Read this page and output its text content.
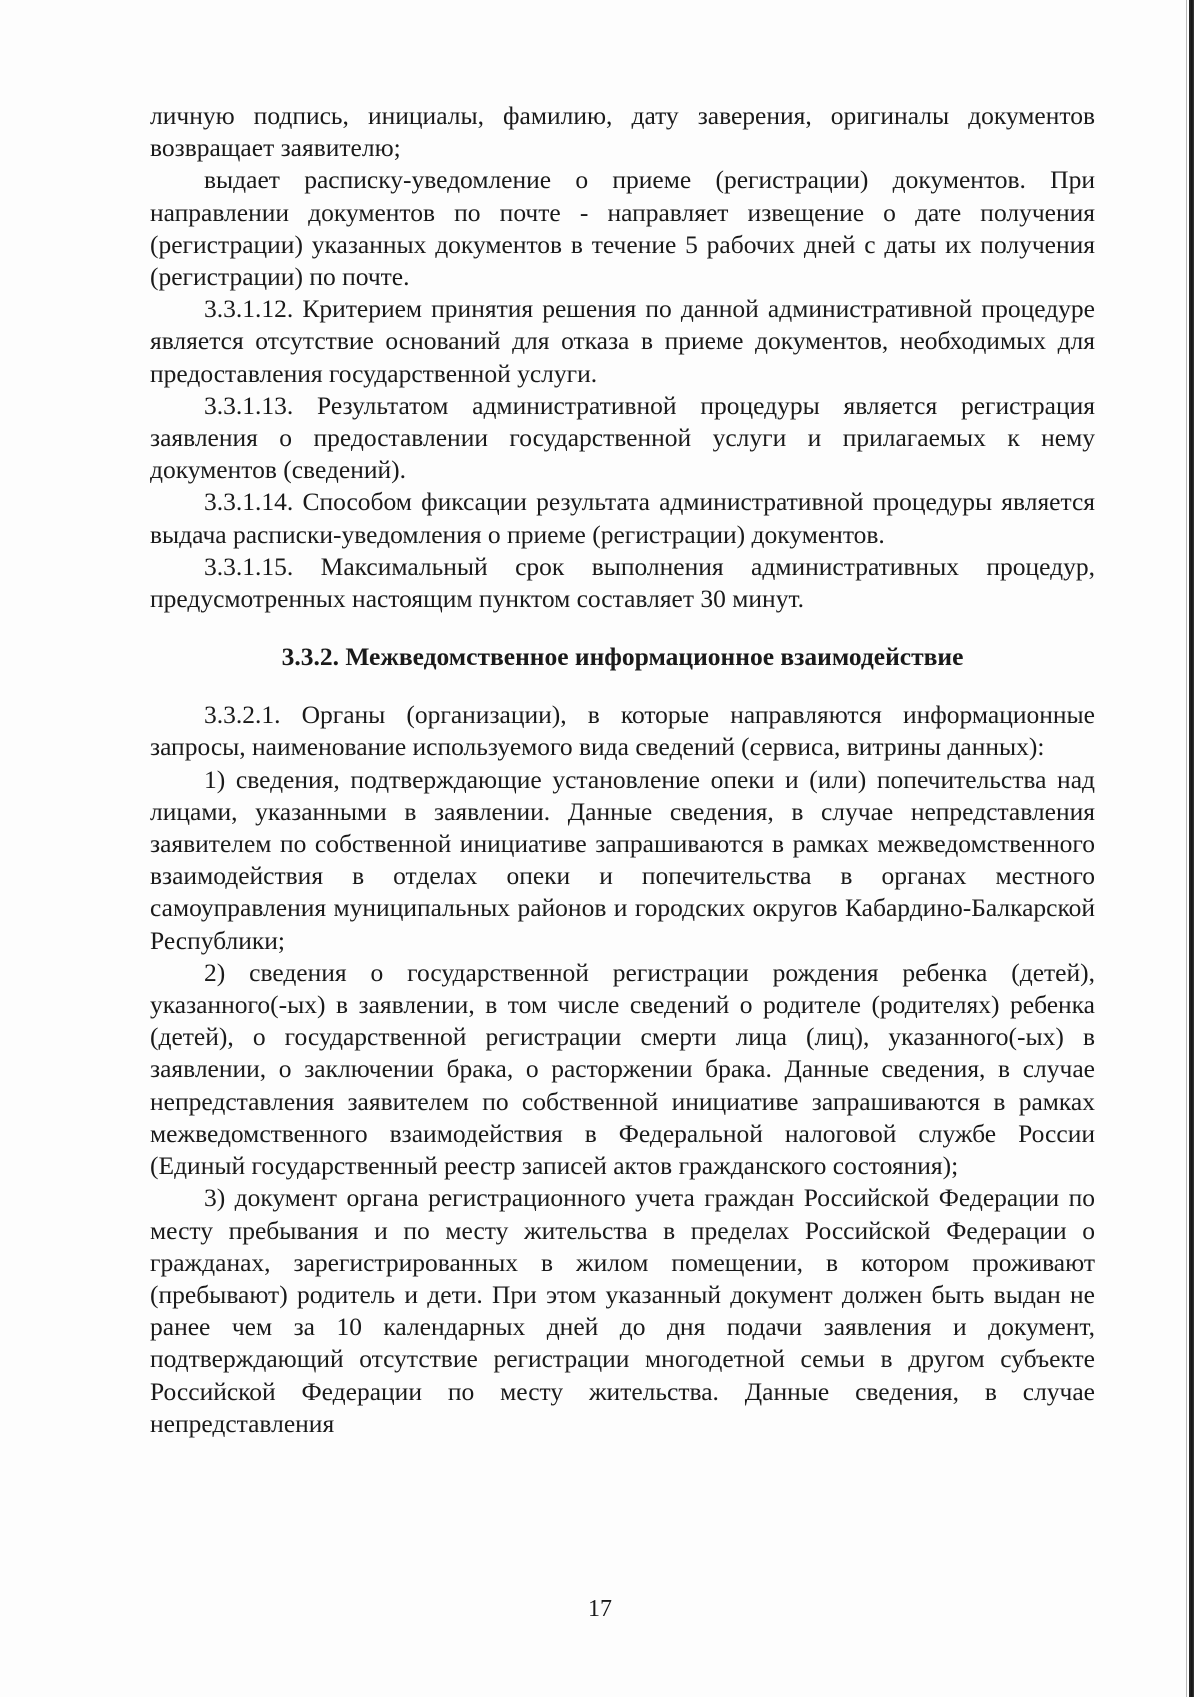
личную подпись, инициалы, фамилию, дату заверения, оригиналы документов возвращает заявителю;

выдает расписку-уведомление о приеме (регистрации) документов. При направлении документов по почте - направляет извещение о дате получения (регистрации) указанных документов в течение 5 рабочих дней с даты их получения (регистрации) по почте.

3.3.1.12. Критерием принятия решения по данной административной процедуре является отсутствие оснований для отказа в приеме документов, необходимых для предоставления государственной услуги.

3.3.1.13. Результатом административной процедуры является регистрация заявления о предоставлении государственной услуги и прилагаемых к нему документов (сведений).

3.3.1.14. Способом фиксации результата административной процедуры является выдача расписки-уведомления о приеме (регистрации) документов.

3.3.1.15. Максимальный срок выполнения административных процедур, предусмотренных настоящим пунктом составляет 30 минут.

3.3.2. Межведомственное информационное взаимодействие

3.3.2.1. Органы (организации), в которые направляются информационные запросы, наименование используемого вида сведений (сервиса, витрины данных):

1) сведения, подтверждающие установление опеки и (или) попечительства над лицами, указанными в заявлении. Данные сведения, в случае непредставления заявителем по собственной инициативе запрашиваются в рамках межведомственного взаимодействия в отделах опеки и попечительства в органах местного самоуправления муниципальных районов и городских округов Кабардино-Балкарской Республики;

2) сведения о государственной регистрации рождения ребенка (детей), указанного(-ых) в заявлении, в том числе сведений о родителе (родителях) ребенка (детей), о государственной регистрации смерти лица (лиц), указанного(-ых) в заявлении, о заключении брака, о расторжении брака. Данные сведения, в случае непредставления заявителем по собственной инициативе запрашиваются в рамках межведомственного взаимодействия в Федеральной налоговой службе России (Единый государственный реестр записей актов гражданского состояния);

3) документ органа регистрационного учета граждан Российской Федерации по месту пребывания и по месту жительства в пределах Российской Федерации о гражданах, зарегистрированных в жилом помещении, в котором проживают (пребывают) родитель и дети. При этом указанный документ должен быть выдан не ранее чем за 10 календарных дней до дня подачи заявления и документ, подтверждающий отсутствие регистрации многодетной семьи в другом субъекте Российской Федерации по месту жительства. Данные сведения, в случае непредставления

17
